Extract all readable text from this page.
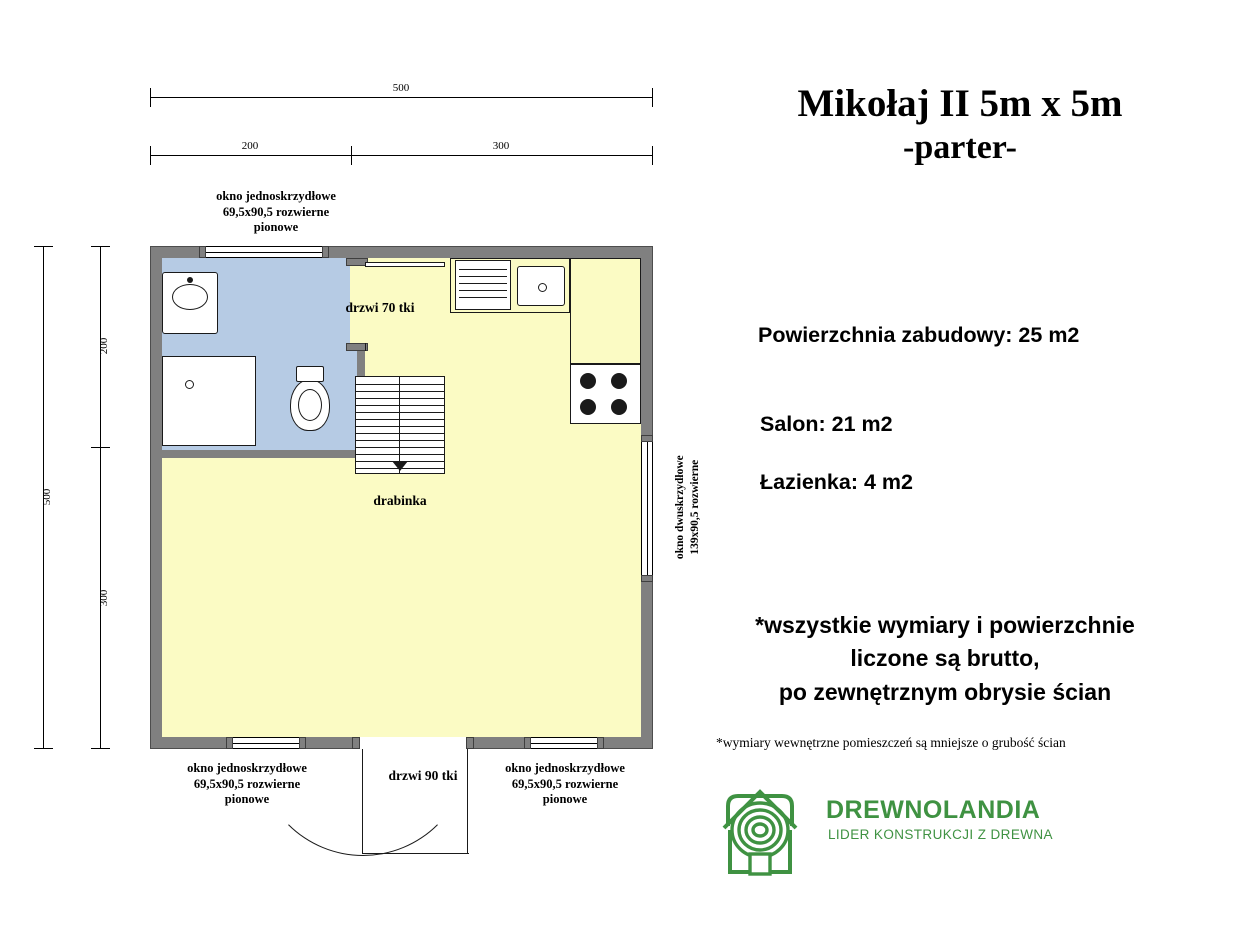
500
200	300
500
200
300
okno jednoskrzydłowe
69,5x90,5 rozwierne
pionowe
drzwi 70 tki
drabinka	okno dwuskrzydłowe 139x90,5 rozwierne
okno jednoskrzydłowe
69,5x90,5 rozwierne
pionowe
drzwi 90 tki	okno jednoskrzydłowe
69,5x90,5 rozwierne
pionowe
Mikołaj II 5m x 5m
-parter-
Powierzchnia zabudowy: 25 m2
Salon: 21 m2
Łazienka: 4 m2
*wszystkie wymiary i powierzchnie
liczone są brutto,
po zewnętrznym obrysie ścian
*wymiary wewnętrzne pomieszczeń są mniejsze o grubość ścian
DREWNOLANDIA
LIDER KONSTRUKCJI Z DREWNA
